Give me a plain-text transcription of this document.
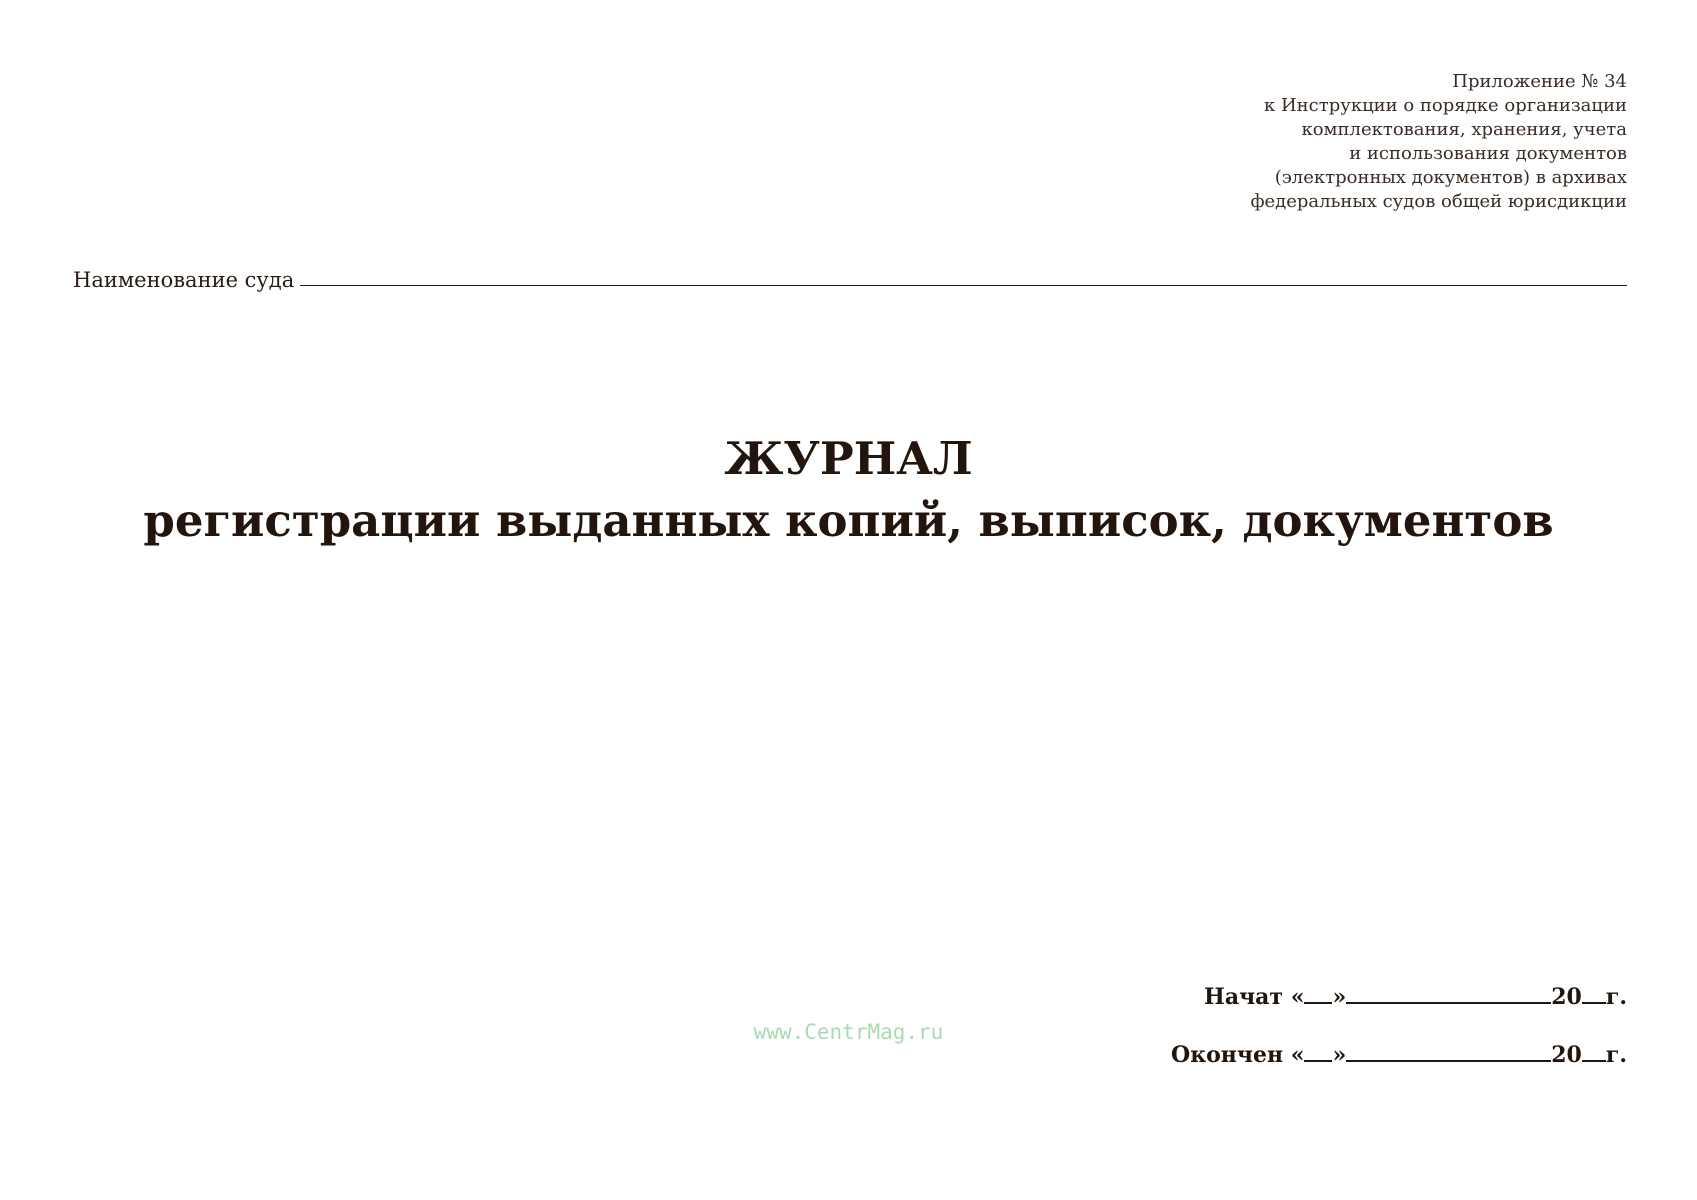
Приложение № 34
к Инструкции о порядке организации
комплектования, хранения, учета
и использования документов
(электронных документов) в архивах
федеральных судов общей юрисдикции
Наименование суда
ЖУРНАЛ
регистрации выданных копий, выписок, документов
www.CentrMag.ru
Начат
« »	20 г.
Окончен
« »	20 г.
